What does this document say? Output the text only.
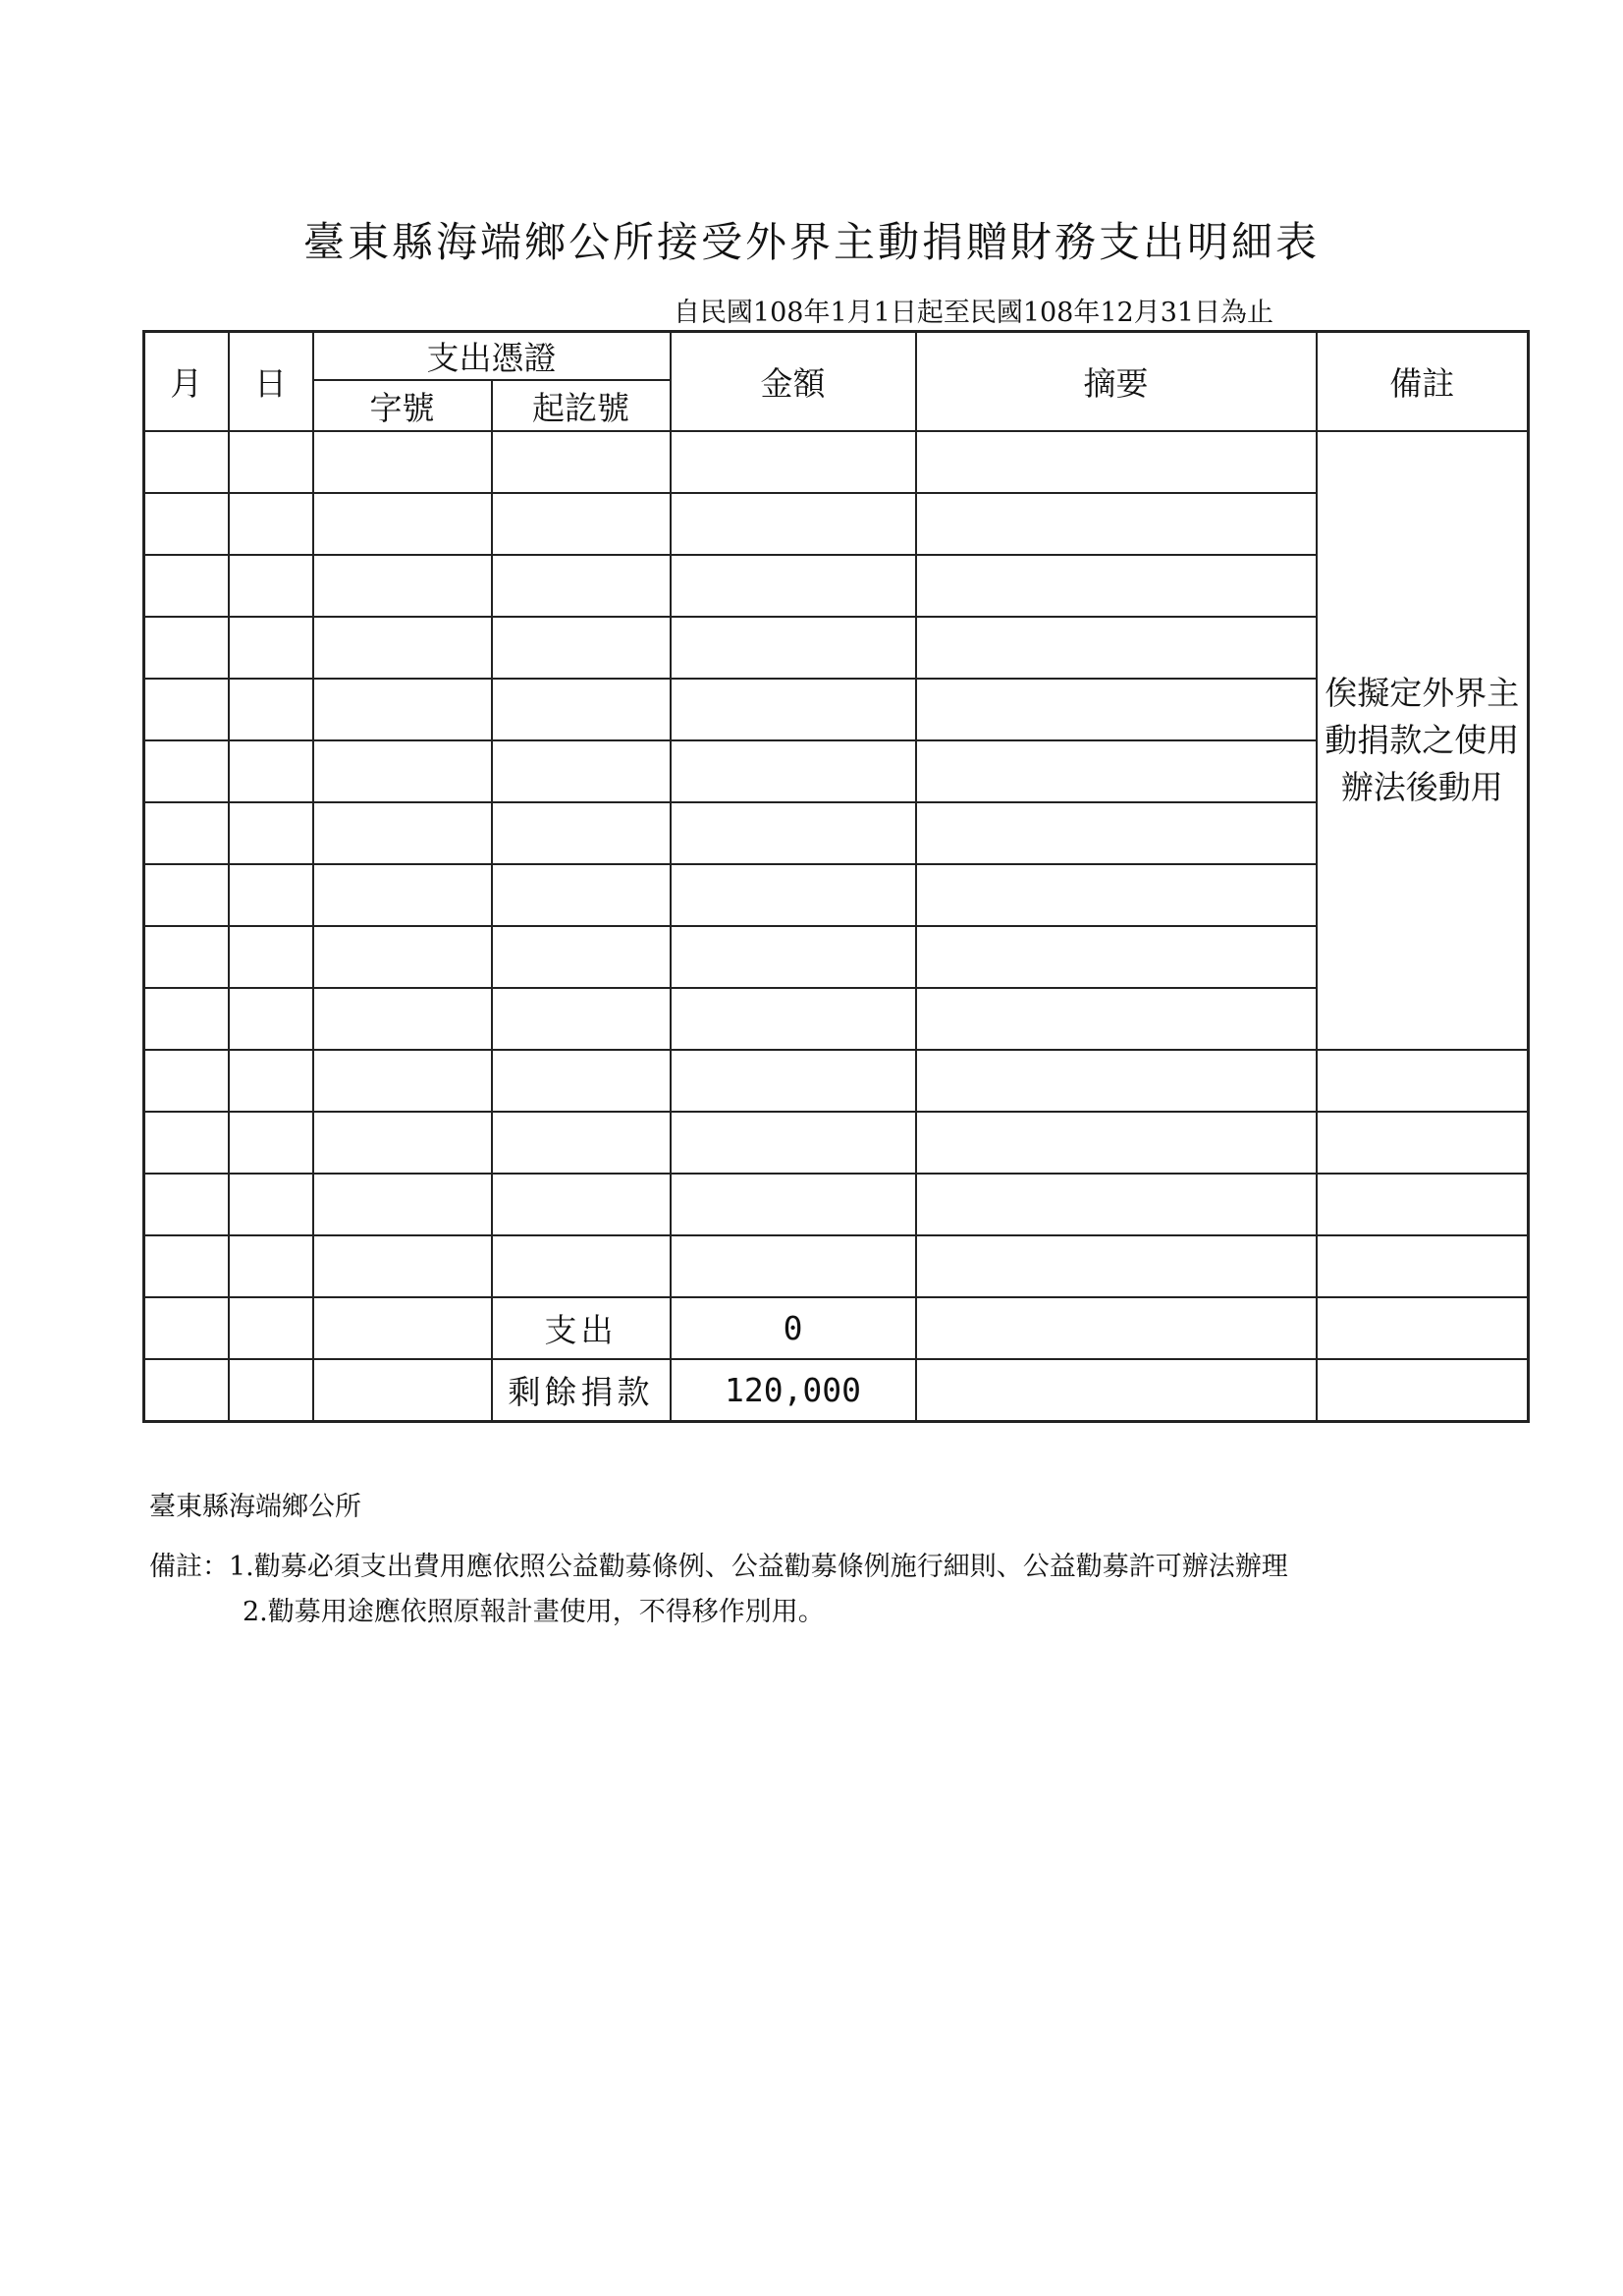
臺東縣海端鄉公所接受外界主動捐贈財務支出明細表
自民國108年1月1日起至民國108年12月31日為止
月	日	支出憑證		金額	摘要	備註
		字號	起訖號			
						俟擬定外界主動捐款之使用辦法後動用

			支出	0		
			剩餘捐款	120,000		
臺東縣海端鄉公所
備註：1.勸募必須支出費用應依照公益勸募條例、公益勸募條例施行細則、公益勸募許可辦法辦理
2.勸募用途應依照原報計畫使用，不得移作別用。
